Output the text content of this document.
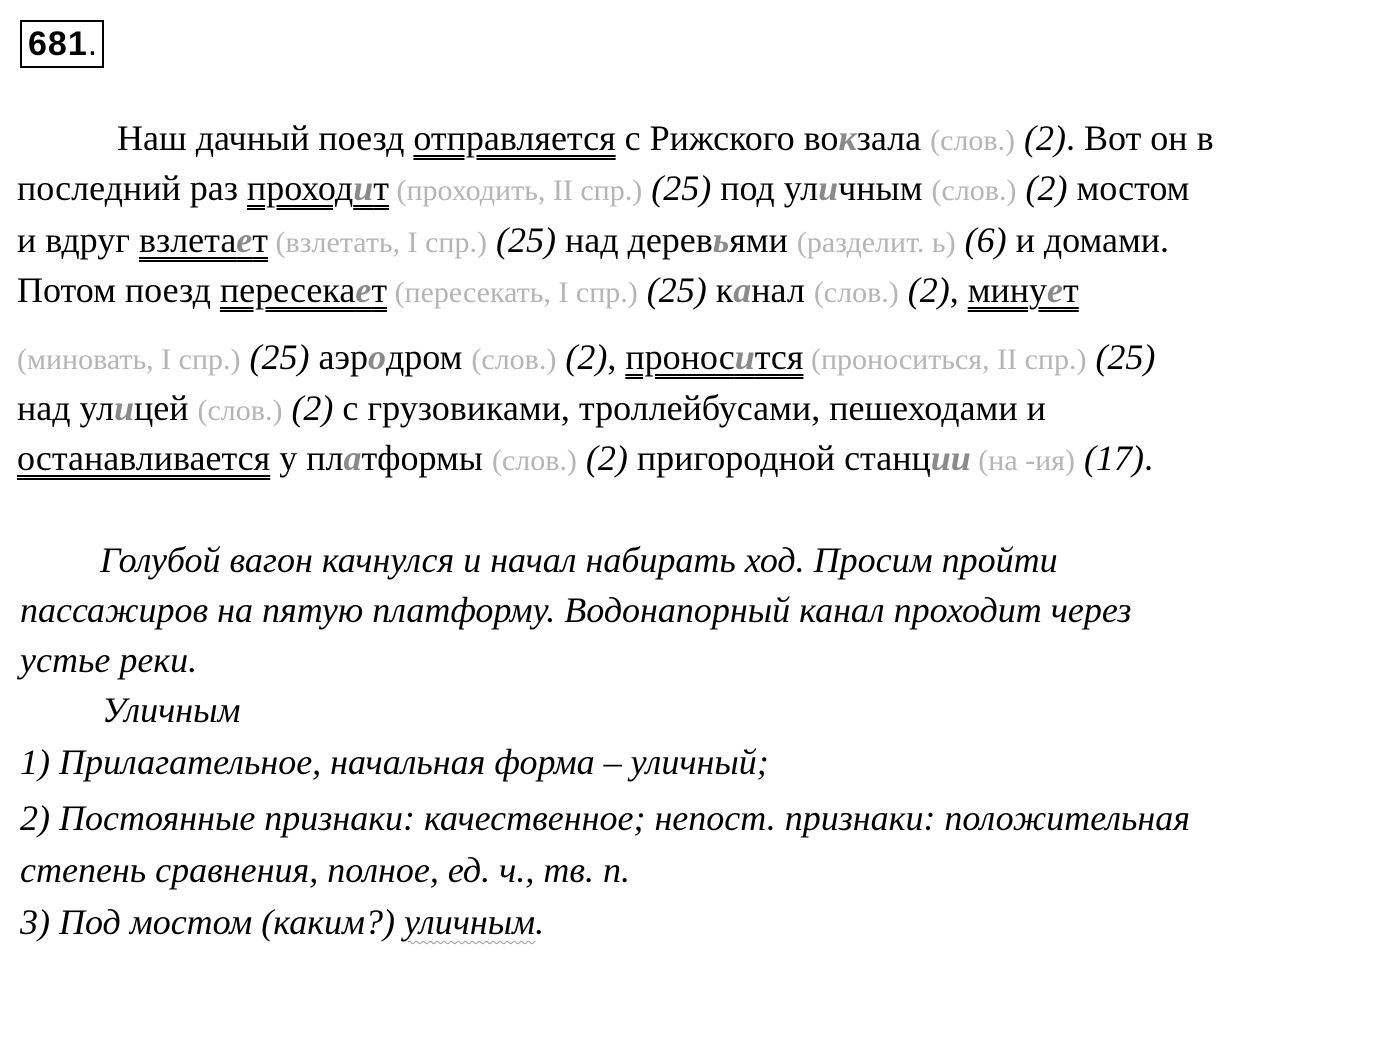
681.
Наш дачный поезд отправляется с Рижского вокзала (слов.) (2). Вот он в
последний раз проходит (проходить, II спр.) (25) под уличным (слов.) (2) мостом
и вдруг взлетает (взлетать, I спр.) (25) над деревьями (разделит. ь) (6) и домами.
Потом поезд пересекает (пересекать, I спр.) (25) канал (слов.) (2), минует
(миновать, I спр.) (25) аэродром (слов.) (2), проносится (проноситься, II спр.) (25)
над улицей (слов.) (2) с грузовиками, троллейбусами, пешеходами и
останавливается у платформы (слов.) (2) пригородной станции (на -ия) (17).
Голубой вагон качнулся и начал набирать ход. Просим пройти
пассажиров на пятую платформу. Водонапорный канал проходит через
устье реки.
Уличным
1) Прилагательное, начальная форма – уличный;
2) Постоянные признаки: качественное; непост. признаки: положительная
степень сравнения, полное, ед. ч., тв. п.
3) Под мостом (каким?) уличным.
